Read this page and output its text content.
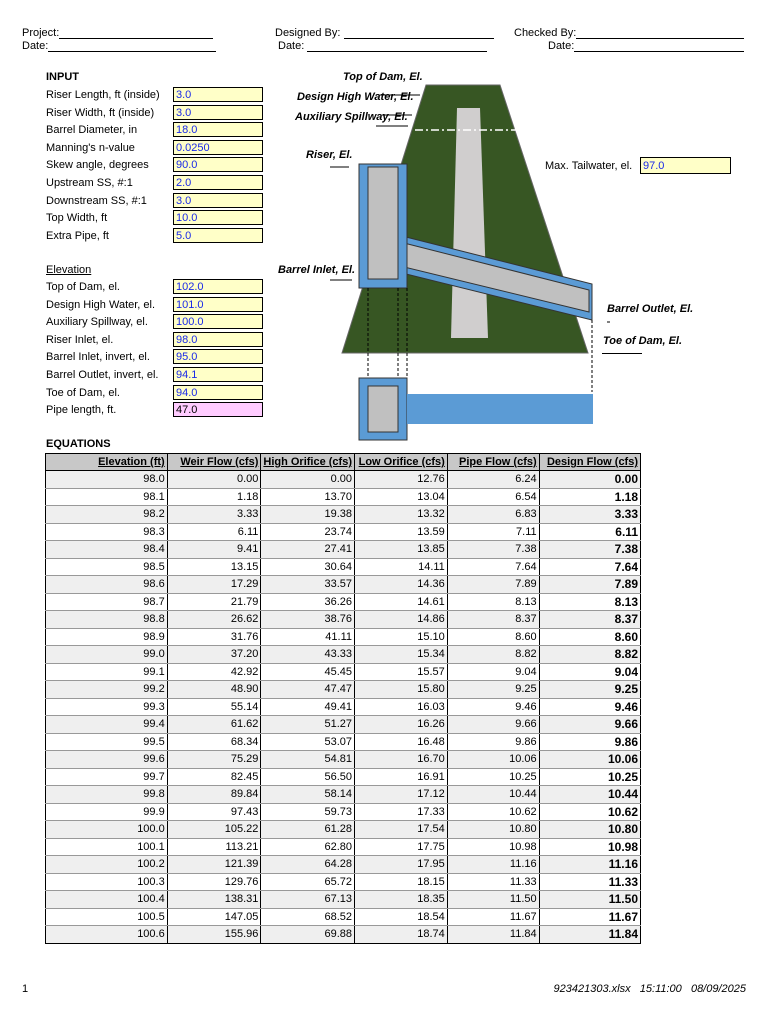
Project:
Date:
Designed By:
Date:
Checked By:
Date:
INPUT
Riser Length, ft (inside) 3.0
Riser Width, ft (inside) 3.0
Barrel Diameter, in	18.0
Manning's n-value	0.0250
Skew angle, degrees 90.0
Upstream SS, #:1	2.0
Downstream SS, #:1	3.0
Top Width, ft	10.0
Extra Pipe, ft	5.0
Elevation
Top of Dam, el.	102.0
Design High Water, el. 101.0
Auxiliary Spillway, el.	100.0
Riser Inlet, el.	98.0
Barrel Inlet, invert, el. 95.0
Barrel Outlet, invert, el. 94.1
Toe of Dam, el.	94.0
Pipe length, ft.	47.0
Top of Dam, El.
Design High Water, El.
Auxiliary Spillway, El.
Riser, El.
Barrel Inlet, El.
Barrel Outlet, El.
Toe of Dam, El.
Max. Tailwater, el. 97.0
EQUATIONS
Elevation (ft)	Weir Flow (cfs)	High Orifice (cfs)	Low Orifice (cfs)	Pipe Flow (cfs)	Design Flow (cfs)
98.0	0.00	0.00	12.76	6.24	0.00
98.1	1.18	13.70	13.04	6.54	1.18
98.2	3.33	19.38	13.32	6.83	3.33
98.3	6.11	23.74	13.59	7.11	6.11
98.4	9.41	27.41	13.85	7.38	7.38
98.5	13.15	30.64	14.11	7.64	7.64
98.6	17.29	33.57	14.36	7.89	7.89
98.7	21.79	36.26	14.61	8.13	8.13
98.8	26.62	38.76	14.86	8.37	8.37
98.9	31.76	41.11	15.10	8.60	8.60
99.0	37.20	43.33	15.34	8.82	8.82
99.1	42.92	45.45	15.57	9.04	9.04
99.2	48.90	47.47	15.80	9.25	9.25
99.3	55.14	49.41	16.03	9.46	9.46
99.4	61.62	51.27	16.26	9.66	9.66
99.5	68.34	53.07	16.48	9.86	9.86
99.6	75.29	54.81	16.70	10.06	10.06
99.7	82.45	56.50	16.91	10.25	10.25
99.8	89.84	58.14	17.12	10.44	10.44
99.9	97.43	59.73	17.33	10.62	10.62
100.0	105.22	61.28	17.54	10.80	10.80
100.1	113.21	62.80	17.75	10.98	10.98
100.2	121.39	64.28	17.95	11.16	11.16
100.3	129.76	65.72	18.15	11.33	11.33
100.4	138.31	67.13	18.35	11.50	11.50
100.5	147.05	68.52	18.54	11.67	11.67
100.6	155.96	69.88	18.74	11.84	11.84
1	923421303.xlsx   15:11:00   08/09/2025
